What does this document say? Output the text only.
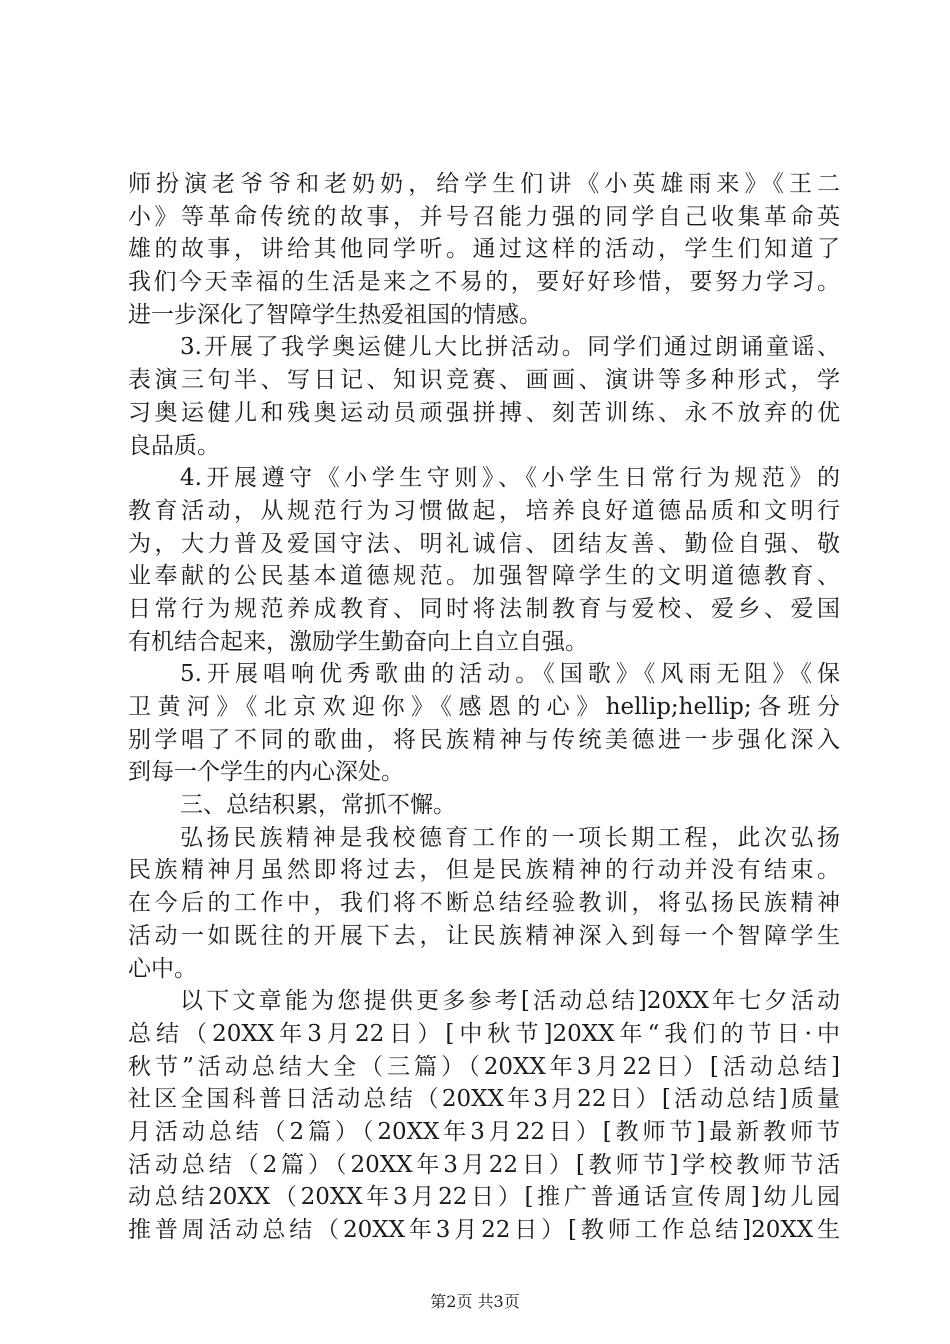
师扮演老爷爷和老奶奶，给学生们讲《小英雄雨来》《王二
小》等革命传统的故事，并号召能力强的同学自己收集革命英
雄的故事，讲给其他同学听。通过这样的活动，学生们知道了
我们今天幸福的生活是来之不易的，要好好珍惜，要努力学习。
进一步深化了智障学生热爱祖国的情感。
3.开展了我学奥运健儿大比拼活动。同学们通过朗诵童谣、
表演三句半、写日记、知识竞赛、画画、演讲等多种形式，学
习奥运健儿和残奥运动员顽强拼搏、刻苦训练、永不放弃的优
良品质。
4.开展遵守《小学生守则》、《小学生日常行为规范》的
教育活动，从规范行为习惯做起，培养良好道德品质和文明行
为，大力普及爱国守法、明礼诚信、团结友善、勤俭自强、敬
业奉献的公民基本道德规范。加强智障学生的文明道德教育、
日常行为规范养成教育、同时将法制教育与爱校、爱乡、爱国
有机结合起来，激励学生勤奋向上自立自强。
5.开展唱响优秀歌曲的活动。《国歌》《风雨无阻》《保
卫黄河》《北京欢迎你》《感恩的心》hellip;hellip;各班分
别学唱了不同的歌曲，将民族精神与传统美德进一步强化深入
到每一个学生的内心深处。
三、总结积累，常抓不懈。
弘扬民族精神是我校德育工作的一项长期工程，此次弘扬
民族精神月虽然即将过去，但是民族精神的行动并没有结束。
在今后的工作中，我们将不断总结经验教训，将弘扬民族精神
活动一如既往的开展下去，让民族精神深入到每一个智障学生
心中。
以下文章能为您提供更多参考[活动总结]20XX年七夕活动
总结（20XX年3月22日）[中秋节]20XX年“我们的节日·中
秋节”活动总结大全（三篇）（20XX年3月22日）[活动总结]
社区全国科普日活动总结（20XX年3月22日）[活动总结]质量
月活动总结（2篇）（20XX年3月22日）[教师节]最新教师节
活动总结（2篇）（20XX年3月22日）[教师节]学校教师节活
动总结20XX（20XX年3月22日）[推广普通话宣传周]幼儿园
推普周活动总结（20XX年3月22日）[教师工作总结]20XX生
第2页 共3页
